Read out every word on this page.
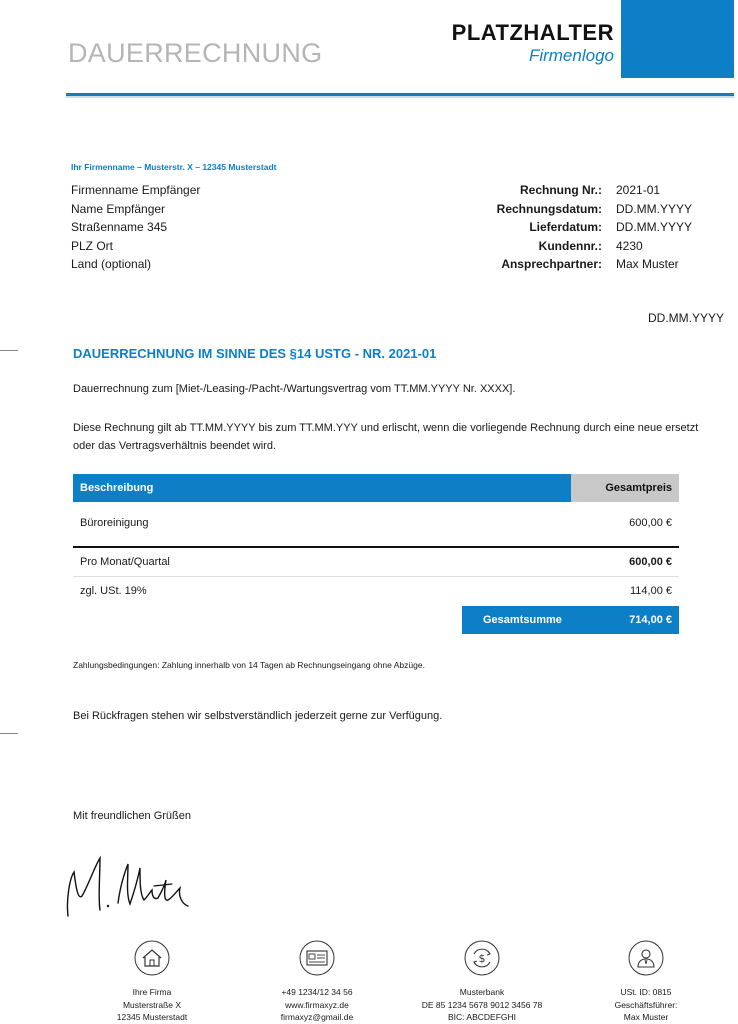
DAUERRECHNUNG
PLATZHALTER
Firmenlogo
Ihr Firmenname – Musterstr. X – 12345 Musterstadt
Firmenname Empfänger
Name Empfänger
Straßenname 345
PLZ Ort
Land (optional)
Rechnung Nr.:	2021-01
Rechnungsdatum:	DD.MM.YYYY
Lieferdatum:	DD.MM.YYYY
Kundennr.:	4230
Ansprechpartner:	Max Muster
DD.MM.YYYY
DAUERRECHNUNG IM SINNE DES §14 USTG - NR. 2021-01
Dauerrechnung zum [Miet-/Leasing-/Pacht-/Wartungsvertrag vom TT.MM.YYYY Nr. XXXX].
Diese Rechnung gilt ab TT.MM.YYYY bis zum TT.MM.YYY und erlischt, wenn die vorliegende Rechnung durch eine neue ersetzt oder das Vertragsverhältnis beendet wird.
Beschreibung	Gesamtpreis
Büroreinigung	600,00 €
Pro Monat/Quartal	600,00 €
zgl. USt. 19%	114,00 €
Gesamtsumme	714,00 €
Zahlungsbedingungen: Zahlung innerhalb von 14 Tagen ab Rechnungseingang ohne Abzüge.
Bei Rückfragen stehen wir selbstverständlich jederzeit gerne zur Verfügung.
Mit freundlichen Grüßen
Ihre Firma
Musterstraße X
12345 Musterstadt
+49 1234/12 34 56
www.firmaxyz.de
firmaxyz@gmail.de
$
Musterbank
DE 85 1234 5678 9012 3456 78
BIC: ABCDEFGHI
USt. ID: 0815
Geschäftsführer:
Max Muster
